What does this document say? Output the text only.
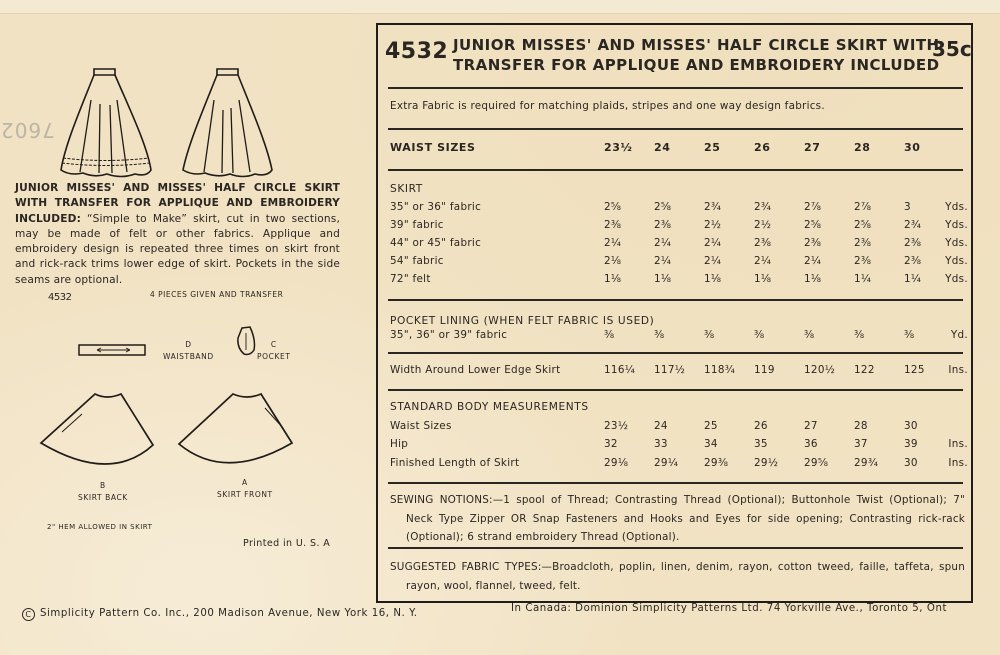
7602
JUNIOR MISSES' AND MISSES' HALF CIRCLE SKIRT WITH TRANSFER FOR APPLIQUE AND EMBROIDERY INCLUDED: “Simple to Make” skirt, cut in two sections, may be made of felt or other fabrics. Applique and embroidery design is repeated three times on skirt front and rick-rack trims lower edge of skirt. Pockets in the side seams are optional.
4532	4 PIECES GIVEN AND TRANSFER
D
WAISTBAND
C
POCKET
B
SKIRT BACK
A
SKIRT FRONT
2" HEM ALLOWED IN SKIRT
Printed in U. S. A
C Simplicity Pattern Co. Inc., 200 Madison Avenue, New York 16, N. Y.	In Canada: Dominion Simplicity Patterns Ltd. 74 Yorkville Ave., Toronto 5, Ont
4532 JUNIOR MISSES' AND MISSES' HALF CIRCLE SKIRT WITH
TRANSFER FOR APPLIQUE AND EMBROIDERY INCLUDED
35c
Extra Fabric is required for matching plaids, stripes and one way design fabrics.
WAIST SIZES	23½	24	25	26	27	28	30
SKIRT
35" or 36" fabric	2⅝	2⅝	2¾	2¾	2⅞	2⅞	3	Yds.
39" fabric	2⅜	2⅜	2½	2½	2⅝	2⅝	2¾	Yds.
44" or 45" fabric	2¼	2¼	2¼	2⅜	2⅜	2⅜	2⅜	Yds.
54" fabric	2⅛	2¼	2¼	2¼	2¼	2⅜	2⅜	Yds.
72" felt	1⅛	1⅛	1⅛	1⅛	1⅛	1¼	1¼	Yds.
POCKET LINING (WHEN FELT FABRIC IS USED)
35", 36" or 39" fabric	⅜	⅜	⅜	⅜	⅜	⅜	⅜	Yd.
Width Around Lower Edge Skirt	116¼	117½	118¾	119	120½	122	125	Ins.
STANDARD BODY MEASUREMENTS
Waist Sizes	23½	24	25	26	27	28	30
Hip	32	33	34	35	36	37	39	Ins.
Finished Length of Skirt	29⅛	29¼	29⅜	29½	29⅝	29¾	30	Ins.
SEWING NOTIONS:—1 spool of Thread; Contrasting Thread (Optional); Buttonhole Twist (Optional); 7" Neck Type Zipper OR Snap Fasteners and Hooks and Eyes for side opening; Contrasting rick-rack (Optional); 6 strand embroidery Thread (Optional).
SUGGESTED FABRIC TYPES:—Broadcloth, poplin, linen, denim, rayon, cotton tweed, faille, taffeta, spun rayon, wool, flannel, tweed, felt.
